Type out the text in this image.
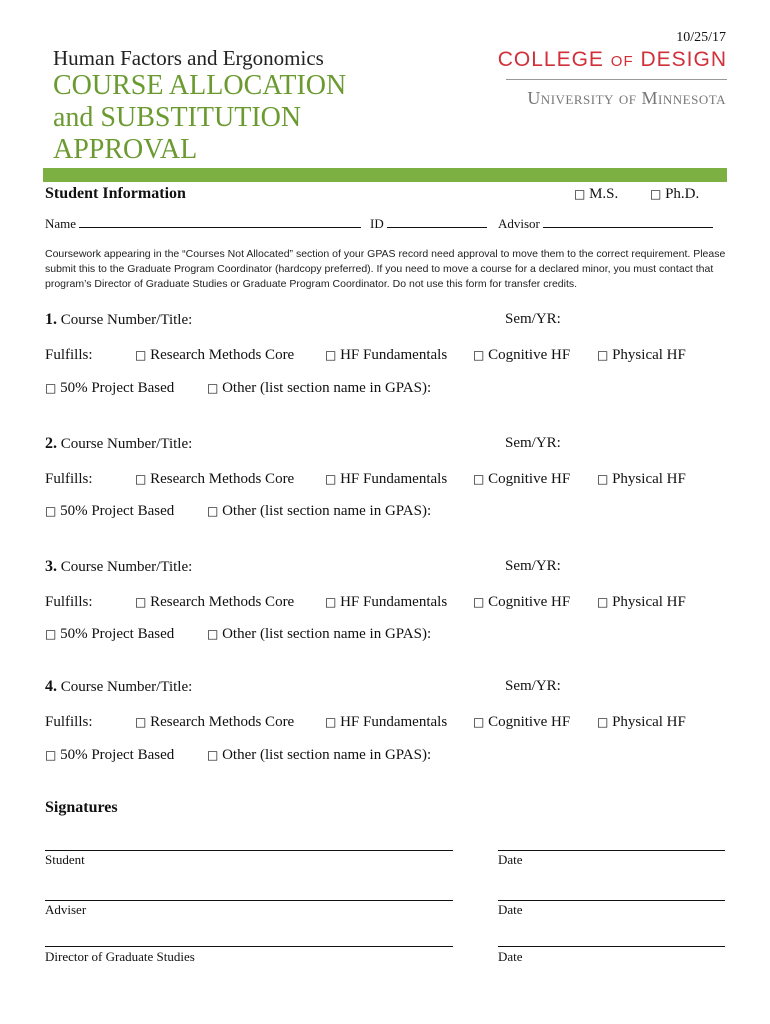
10/25/17
Human Factors and Ergonomics
COURSE ALLOCATION
and SUBSTITUTION
APPROVAL
COLLEGE OF DESIGN
University of Minnesota
Student Information	□ M.S.	□ Ph.D.
Name	ID	Advisor
Coursework appearing in the “Courses Not Allocated” section of your GPAS record need approval to move them to the correct requirement. Please submit this to the Graduate Program Coordinator (hardcopy preferred). If you need to move a course for a declared minor, you must contact that program’s Director of Graduate Studies or Graduate Program Coordinator. Do not use this form for transfer credits.
1. Course Number/Title:	Sem/YR:
Fulfills:	□ Research Methods Core	□ HF Fundamentals □ Cognitive HF □ Physical HF
□ 50% Project Based	□ Other (list section name in GPAS):
2. Course Number/Title:	Sem/YR:
Fulfills:	□ Research Methods Core	□ HF Fundamentals □ Cognitive HF □ Physical HF
□ 50% Project Based	□ Other (list section name in GPAS):
3. Course Number/Title:	Sem/YR:
Fulfills:	□ Research Methods Core	□ HF Fundamentals □ Cognitive HF □ Physical HF
□ 50% Project Based	□ Other (list section name in GPAS):
4. Course Number/Title:	Sem/YR:
Fulfills:	□ Research Methods Core	□ HF Fundamentals □ Cognitive HF □ Physical HF
□ 50% Project Based	□ Other (list section name in GPAS):
Signatures
Student	Date
Adviser	Date
Director of Graduate Studies	Date
